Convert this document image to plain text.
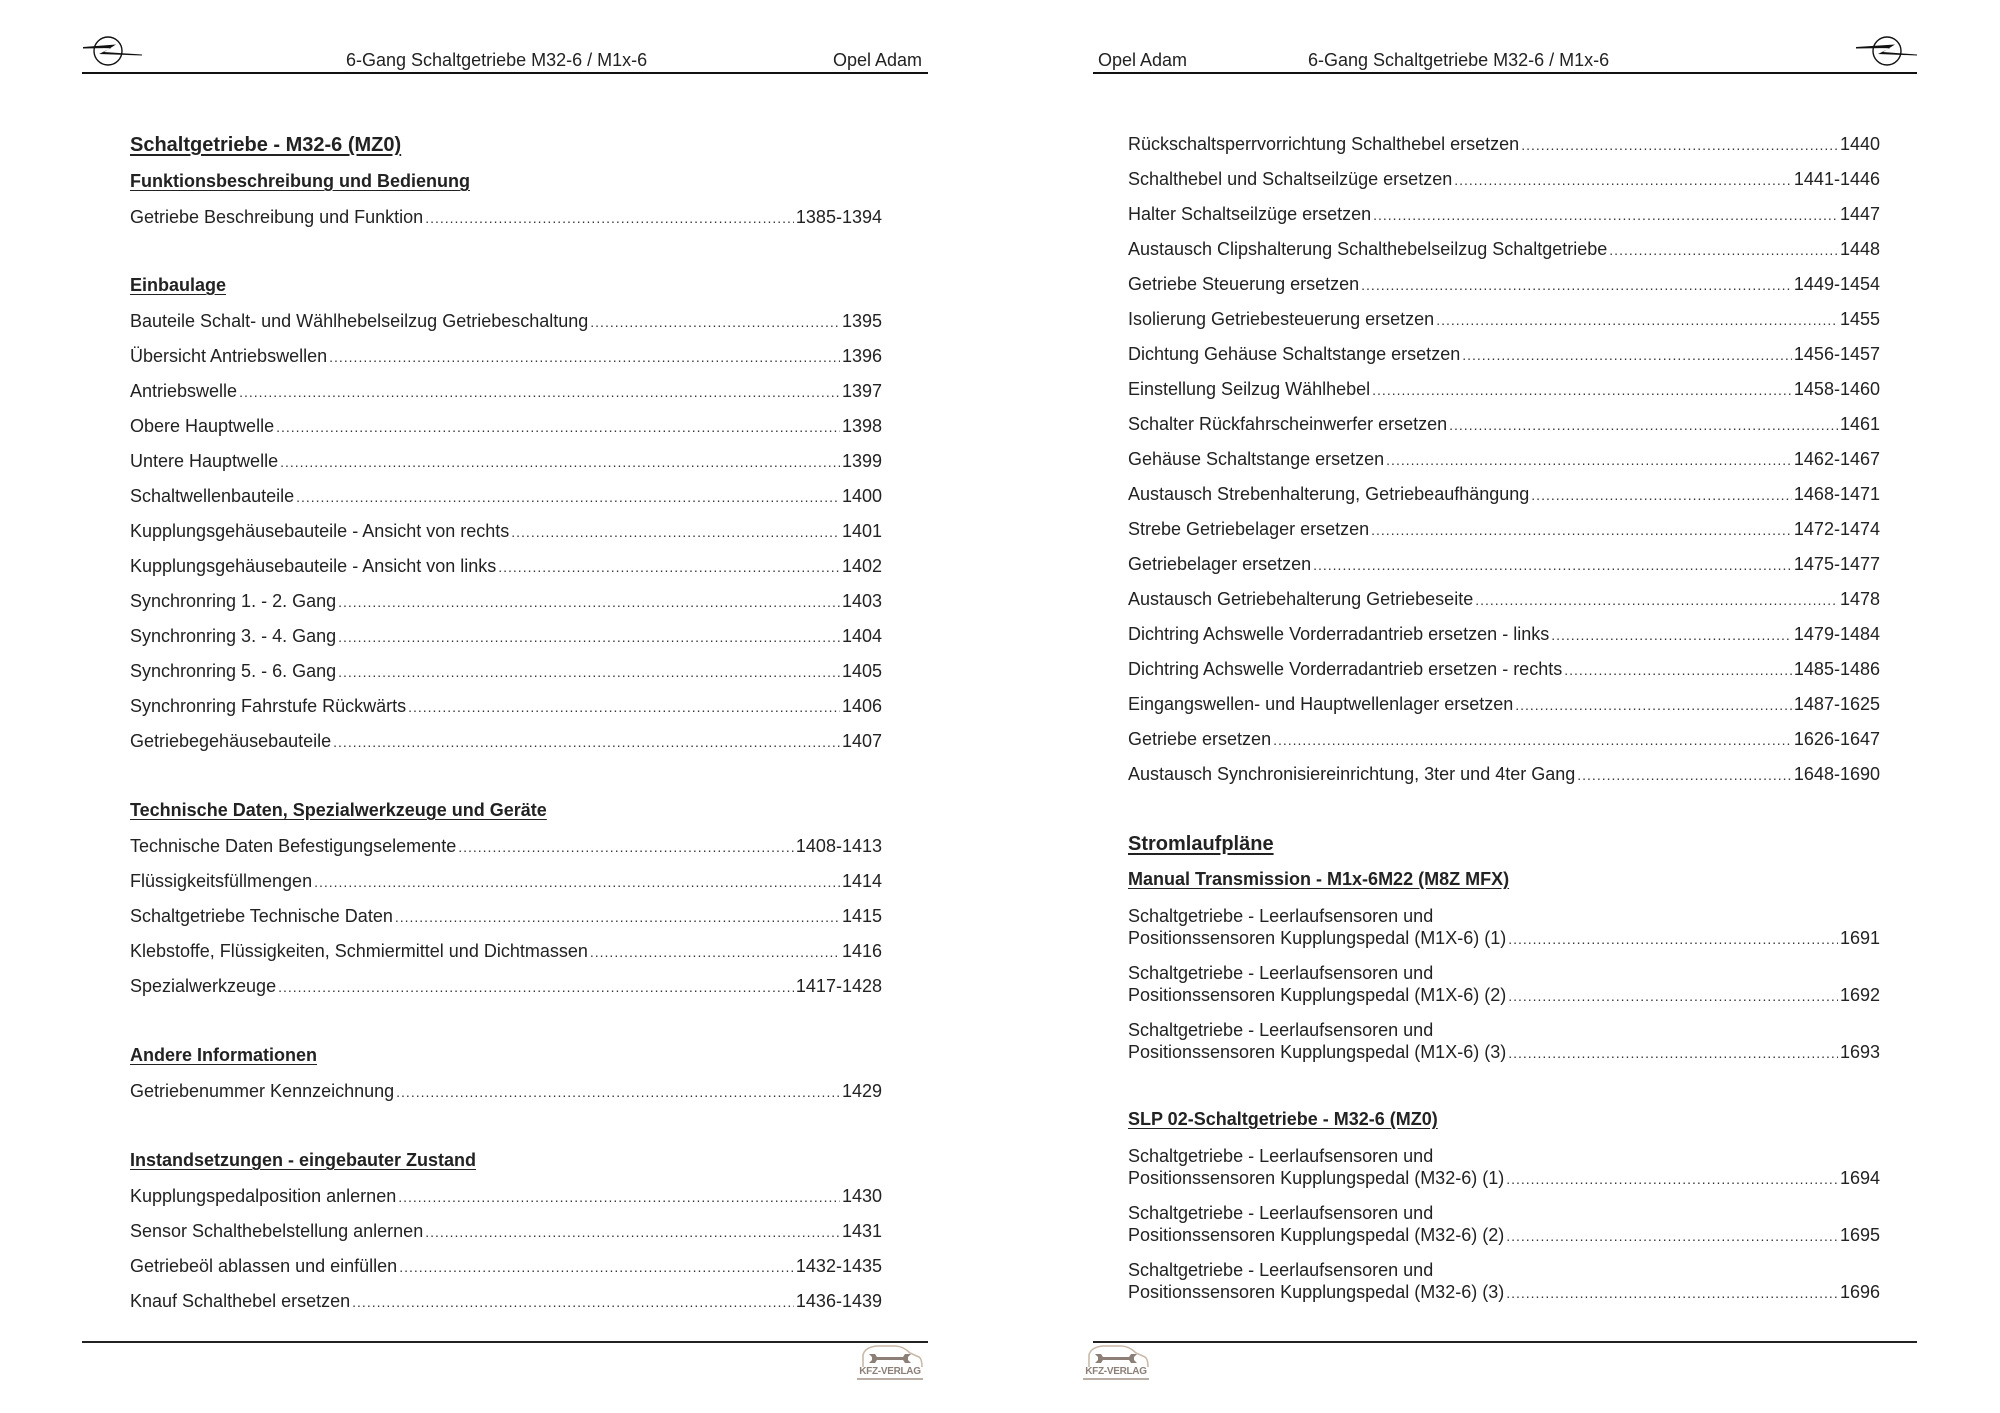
6-Gang Schaltgetriebe M32-6 / M1x-6	Opel Adam
Schaltgetriebe - M32-6 (MZ0)
Funktionsbeschreibung und Bedienung
Getriebe Beschreibung und Funktion .....	1385-1394
Einbaulage
Bauteile Schalt- und Wählhebelseilzug Getriebeschaltung .....	1395
Übersicht Antriebswellen .....	1396
Antriebswelle .....	1397
Obere Hauptwelle .....	1398
Untere Hauptwelle .....	1399
Schaltwellenbauteile .....	1400
Kupplungsgehäusebauteile - Ansicht von rechts .....	1401
Kupplungsgehäusebauteile - Ansicht von links .....	1402
Synchronring 1. - 2. Gang .....	1403
Synchronring 3. - 4. Gang .....	1404
Synchronring 5. - 6. Gang .....	1405
Synchronring Fahrstufe Rückwärts .....	1406
Getriebegehäusebauteile .....	1407
Technische Daten, Spezialwerkzeuge und Geräte
Technische Daten Befestigungselemente .....	1408-1413
Flüssigkeitsfüllmengen .....	1414
Schaltgetriebe Technische Daten .....	1415
Klebstoffe, Flüssigkeiten, Schmiermittel und Dichtmassen .....	1416
Spezialwerkzeuge .....	1417-1428
Andere Informationen
Getriebenummer Kennzeichnung .....	1429
Instandsetzungen - eingebauter Zustand
Kupplungspedalposition anlernen .....	1430
Sensor Schalthebelstellung anlernen .....	1431
Getriebeöl ablassen und einfüllen .....	1432-1435
Knauf Schalthebel ersetzen .....	1436-1439
KFZ-VERLAG
Opel Adam	6-Gang Schaltgetriebe M32-6 / M1x-6
Rückschaltsperrvorrichtung Schalthebel ersetzen .....	1440
Schalthebel und Schaltseilzüge ersetzen .....	1441-1446
Halter Schaltseilzüge ersetzen .....	1447
Austausch Clipshalterung Schalthebelseilzug Schaltgetriebe .....	1448
Getriebe Steuerung ersetzen .....	1449-1454
Isolierung Getriebesteuerung ersetzen .....	1455
Dichtung Gehäuse Schaltstange ersetzen .....	1456-1457
Einstellung Seilzug Wählhebel .....	1458-1460
Schalter Rückfahrscheinwerfer ersetzen .....	1461
Gehäuse Schaltstange ersetzen .....	1462-1467
Austausch Strebenhalterung, Getriebeaufhängung .....	1468-1471
Strebe Getriebelager ersetzen .....	1472-1474
Getriebelager ersetzen .....	1475-1477
Austausch Getriebehalterung Getriebeseite .....	1478
Dichtring Achswelle Vorderradantrieb ersetzen - links .....	1479-1484
Dichtring Achswelle Vorderradantrieb ersetzen - rechts .....	1485-1486
Eingangswellen- und Hauptwellenlager ersetzen .....	1487-1625
Getriebe ersetzen .....	1626-1647
Austausch Synchronisiereinrichtung, 3ter und 4ter Gang .....	1648-1690
Stromlaufpläne
Manual Transmission - M1x-6M22 (M8Z MFX)
Schaltgetriebe - Leerlaufsensoren und
Positionssensoren Kupplungspedal (M1X-6) (1) .....	1691
Schaltgetriebe - Leerlaufsensoren und
Positionssensoren Kupplungspedal (M1X-6) (2) .....	1692
Schaltgetriebe - Leerlaufsensoren und
Positionssensoren Kupplungspedal (M1X-6) (3) .....	1693
SLP 02-Schaltgetriebe - M32-6 (MZ0)
Schaltgetriebe - Leerlaufsensoren und
Positionssensoren Kupplungspedal (M32-6) (1) .....	1694
Schaltgetriebe - Leerlaufsensoren und
Positionssensoren Kupplungspedal (M32-6) (2) .....	1695
Schaltgetriebe - Leerlaufsensoren und
Positionssensoren Kupplungspedal (M32-6) (3) .....	1696
KFZ-VERLAG
